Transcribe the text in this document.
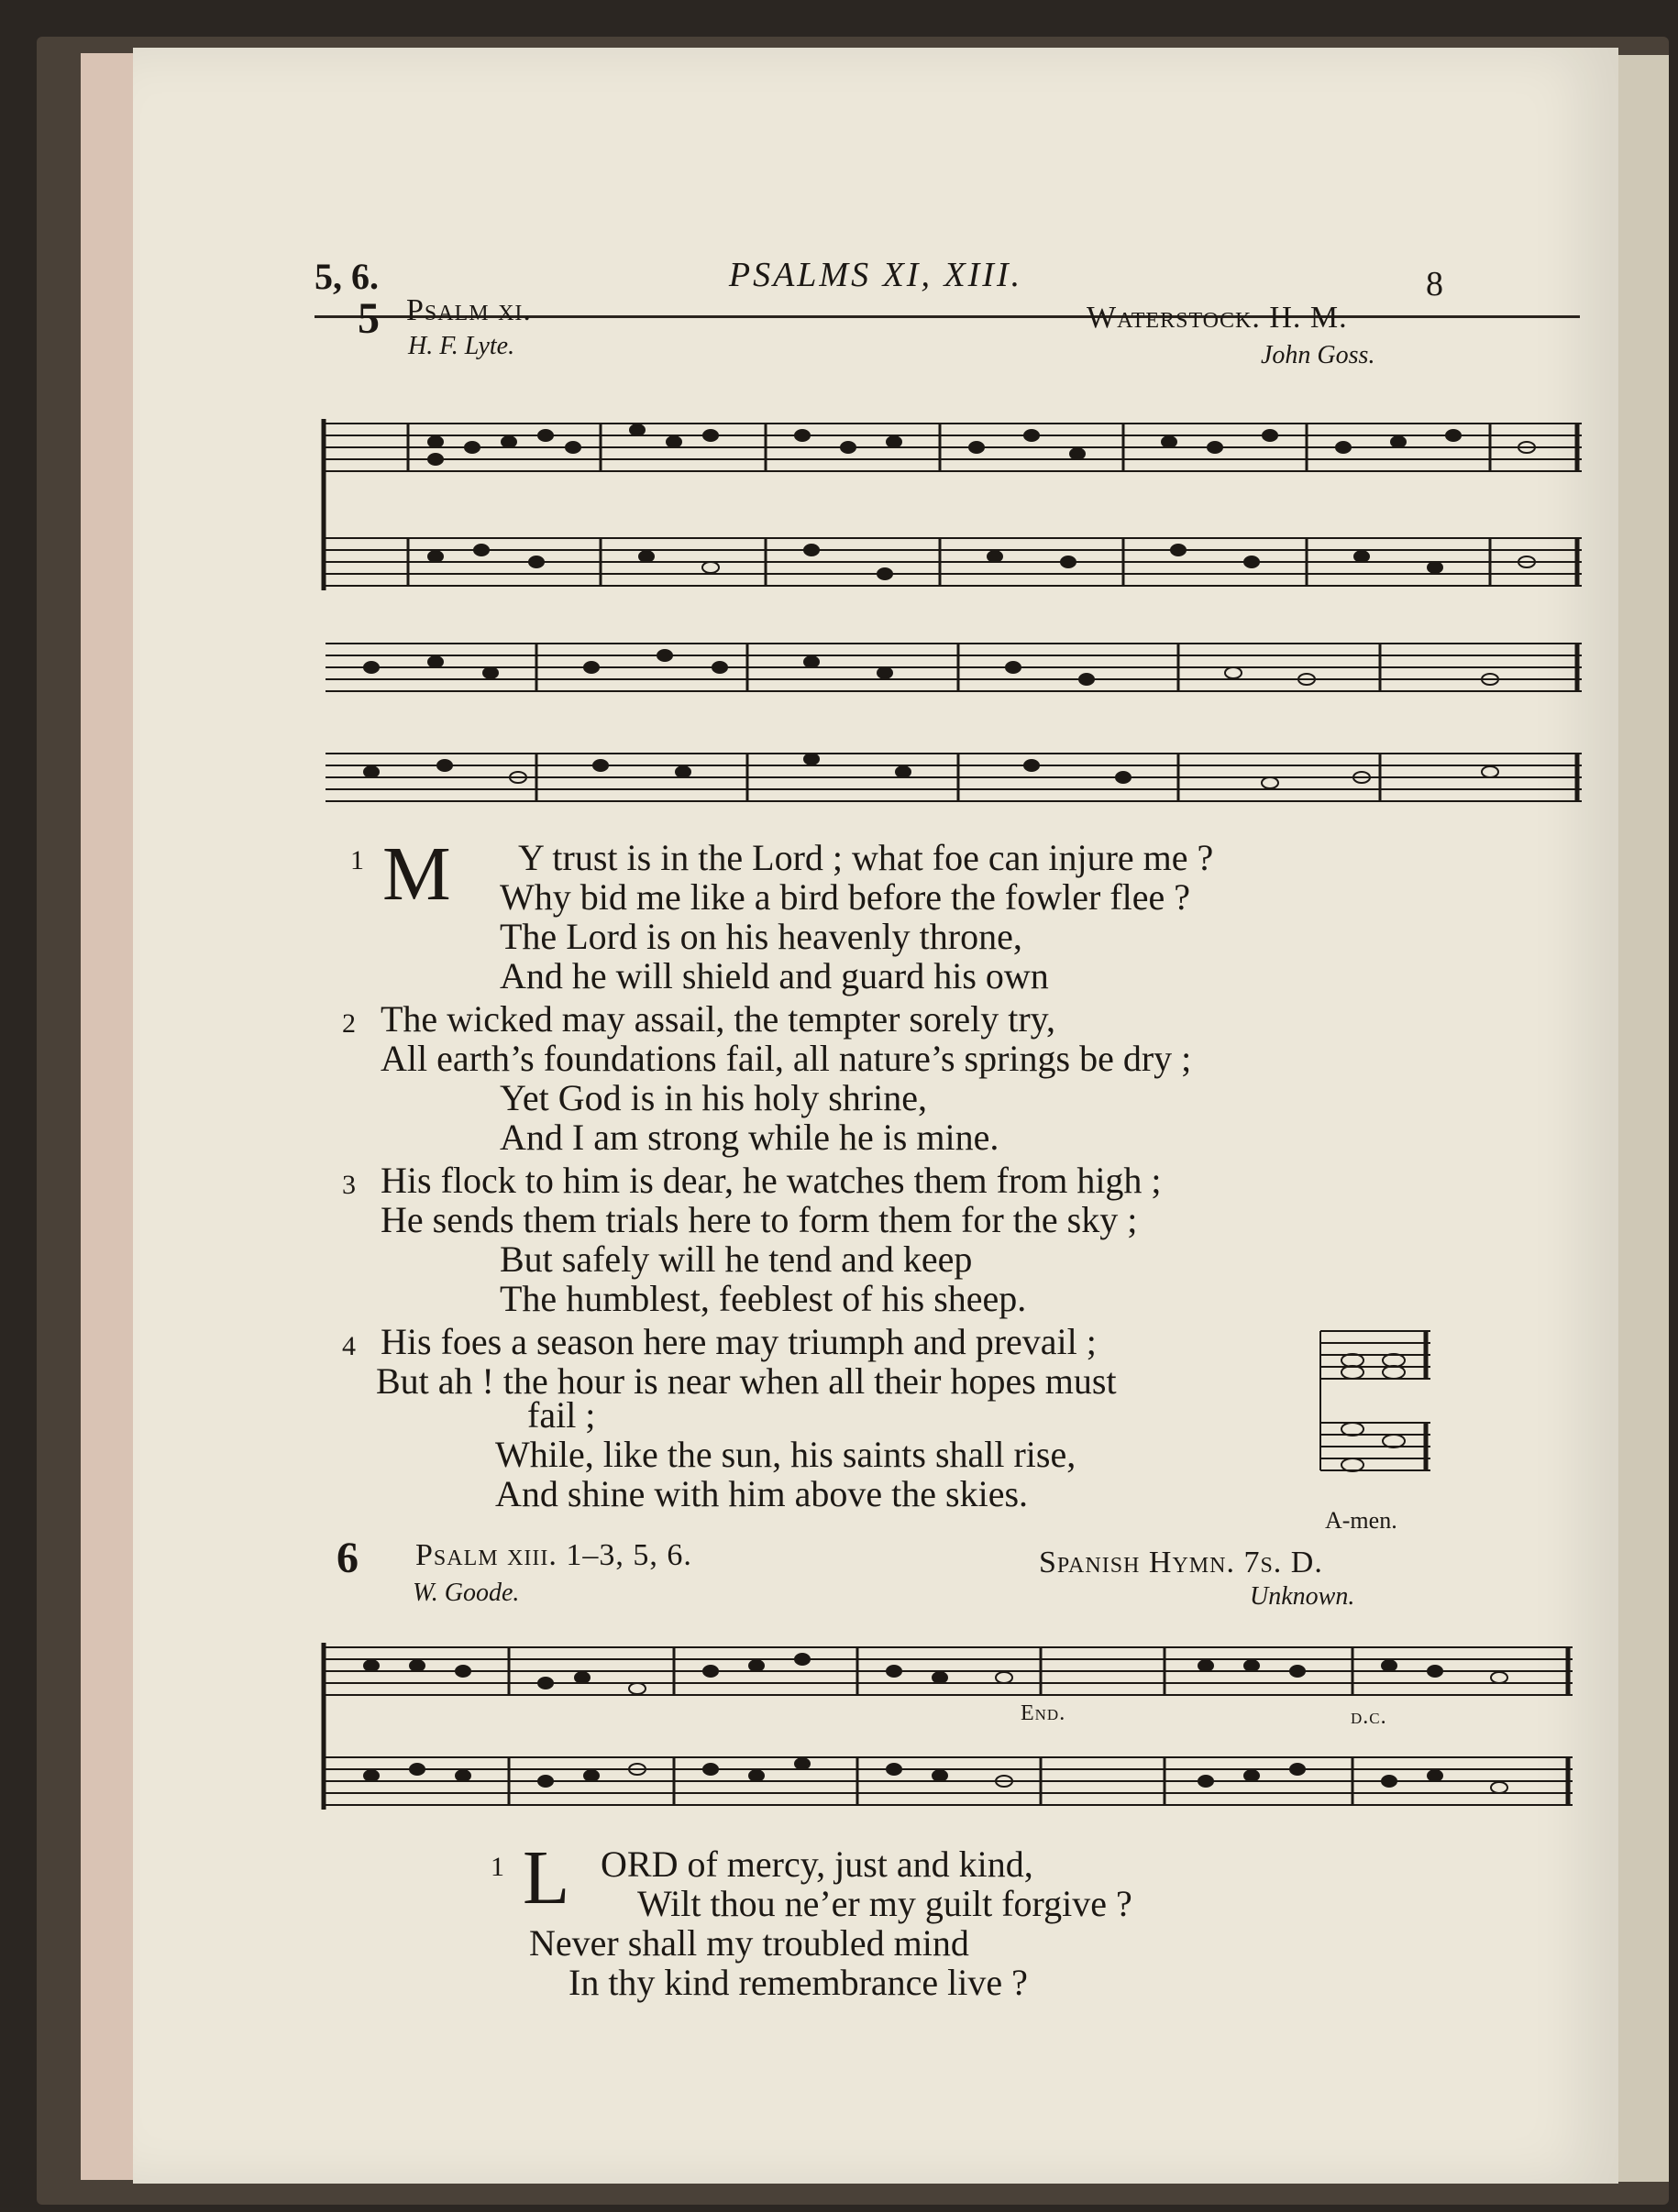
5, 6.	PSALMS XI, XIII.	8
5 Psalm xi.
H. F. Lyte.
Waterstock. H. M.
John Goss.
1 M Y trust is in the Lord ; what foe can injure me ?
Why bid me like a bird before the fowler flee ?
The Lord is on his heavenly throne,
And he will shield and guard his own
2 The wicked may assail, the tempter sorely try,
All earth’s foundations fail, all nature’s springs be dry ;
Yet God is in his holy shrine,
And I am strong while he is mine.
3 His flock to him is dear, he watches them from high ;
He sends them trials here to form them for the sky ;
But safely will he tend and keep
The humblest, feeblest of his sheep.
4 His foes a season here may triumph and prevail ;
But ah ! the hour is near when all their hopes must
fail ;
While, like the sun, his saints shall rise,
And shine with him above the skies.
A-men.
6 Psalm xiii. 1–3, 5, 6.
W. Goode.
Spanish Hymn. 7s. D.
Unknown.
End.	d.c.
1 L ORD of mercy, just and kind,
Wilt thou ne’er my guilt forgive ?
Never shall my troubled mind
In thy kind remembrance live ?
